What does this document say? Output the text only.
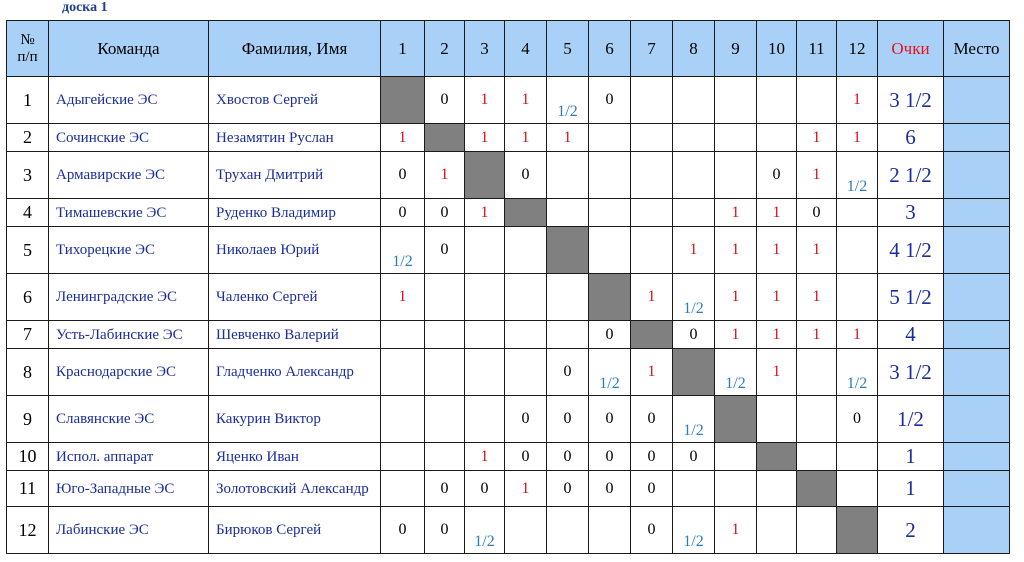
доска 1
№
п/п	Команда	Фамилия, Имя	1	2	3	4	5	6	7	8	9	10	11	12	Очки	Место
1	Адыгейские ЭС	Хвостов Сергей		0	1	1	1/2	0						1	3 1/2	
2	Сочинские ЭС	Незамятин Руслан	1		1	1	1						1	1	6	
3	Армавирские ЭС	Трухан Дмитрий	0	1		0						0	1	1/2	2 1/2	
4	Тимашевские ЭС	Руденко Владимир	0	0	1						1	1	0		3	
5	Тихорецкие ЭС	Николаев Юрий	1/2	0						1	1	1	1		4 1/2	
6	Ленинградские ЭС	Чаленко Сергей	1						1	1/2	1	1	1		5 1/2	
7	Усть-Лабинские ЭС	Шевченко Валерий						0		0	1	1	1	1	4	
8	Краснодарские ЭС	Гладченко Александр					0	1/2	1		1/2	1		1/2	3 1/2	
9	Славянские ЭС	Какурин Виктор				0	0	0	0	1/2				0	1/2	
10	Испол. аппарат	Яценко Иван			1	0	0	0	0	0					1	
11	Юго-Западные ЭС	Золотовский Александр		0	0	1	0	0	0						1	
12	Лабинские ЭС	Бирюков Сергей	0	0	1/2				0	1/2	1				2	
